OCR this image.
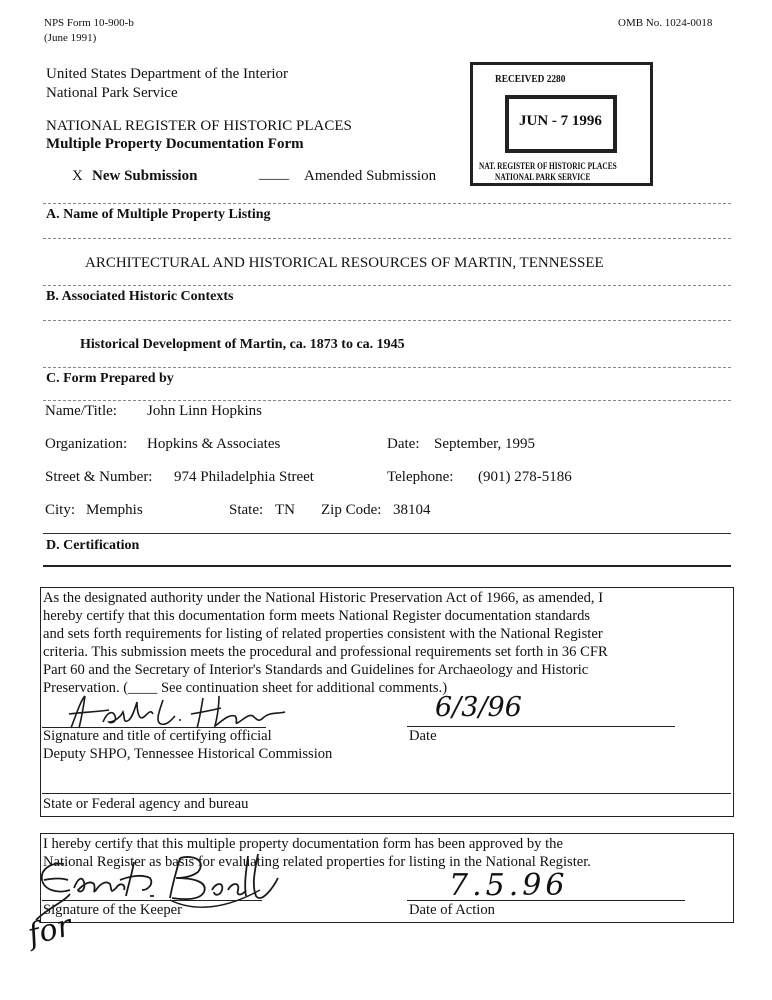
NPS Form 10-900-b
(June 1991)
OMB No. 1024-0018
United States Department of the Interior
National Park Service
NATIONAL REGISTER OF HISTORIC PLACES
Multiple Property Documentation Form
X New Submission	____ Amended Submission
RECEIVED 2280
JUN - 7 1996
NAT. REGISTER OF HISTORIC PLACES
NATIONAL PARK SERVICE
A. Name of Multiple Property Listing
ARCHITECTURAL AND HISTORICAL RESOURCES OF MARTIN, TENNESSEE
B. Associated Historic Contexts
Historical Development of Martin, ca. 1873 to ca. 1945
C. Form Prepared by
Name/Title: John Linn Hopkins
Organization: Hopkins & Associates	Date: September, 1995
Street & Number: 974 Philadelphia Street	Telephone: (901) 278-5186
City: Memphis	State: TN Zip Code: 38104
D. Certification
As the designated authority under the National Historic Preservation Act of 1966, as amended, I
hereby certify that this documentation form meets National Register documentation standards
and sets forth requirements for listing of related properties consistent with the National Register
criteria. This submission meets the procedural and professional requirements set forth in 36 CFR
Part 60 and the Secretary of Interior's Standards and Guidelines for Archaeology and Historic
Preservation. (____ See continuation sheet for additional comments.)
Signature and title of certifying official
Deputy SHPO, Tennessee Historical Commission
6/3/96
Date
State or Federal agency and bureau
I hereby certify that this multiple property documentation form has been approved by the
National Register as basis for evaluating related properties for listing in the National Register.
Signature of the Keeper
7.5.96
Date of Action
for
